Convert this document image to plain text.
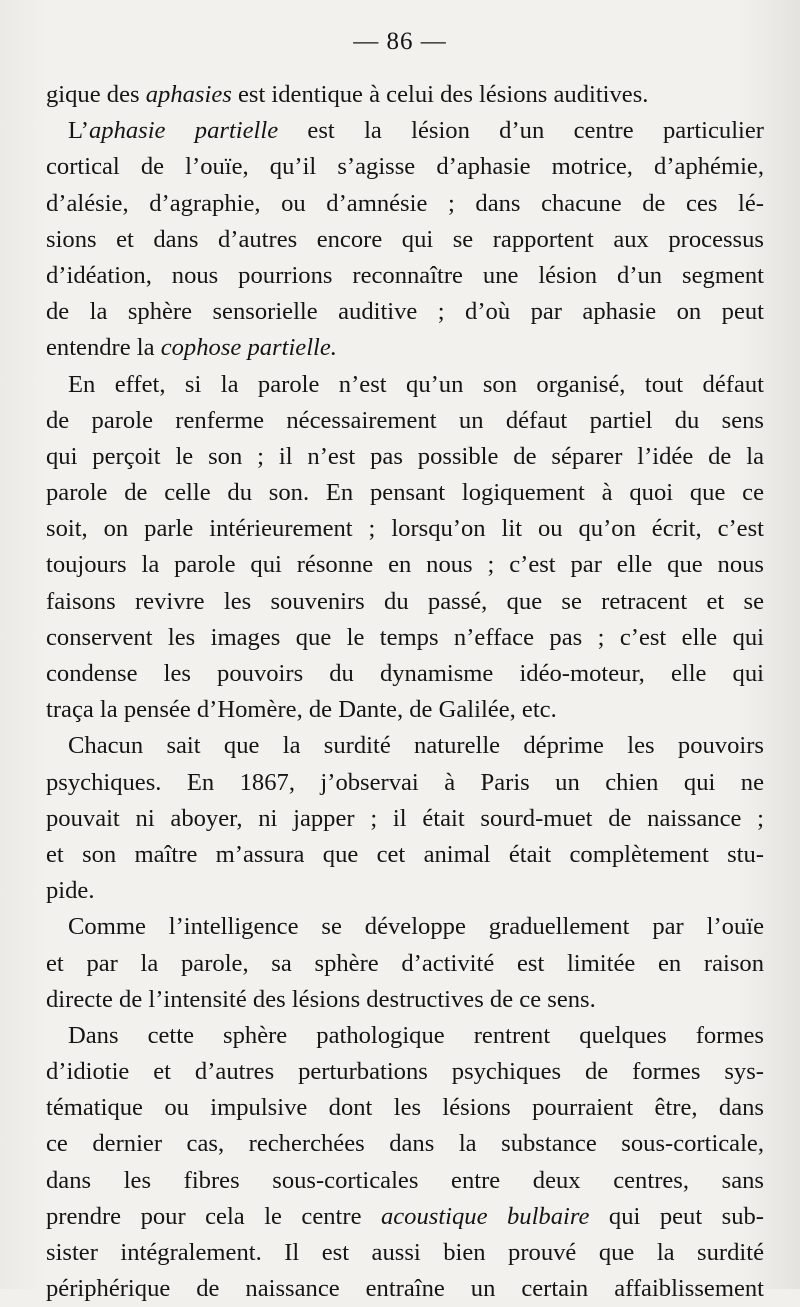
— 86 —
gique des aphasies est identique à celui des lésions auditives.
L’aphasie partielle est la lésion d’un centre particulier
cortical de l’ouïe, qu’il s’agisse d’aphasie motrice, d’aphémie,
d’alésie, d’agraphie, ou d’amnésie ; dans chacune de ces lé-
sions et dans d’autres encore qui se rapportent aux processus
d’idéation, nous pourrions reconnaître une lésion d’un segment
de la sphère sensorielle auditive ; d’où par aphasie on peut
entendre la cophose partielle.
En effet, si la parole n’est qu’un son organisé, tout défaut
de parole renferme nécessairement un défaut partiel du sens
qui perçoit le son ; il n’est pas possible de séparer l’idée de la
parole de celle du son. En pensant logiquement à quoi que ce
soit, on parle intérieurement ; lorsqu’on lit ou qu’on écrit, c’est
toujours la parole qui résonne en nous ; c’est par elle que nous
faisons revivre les souvenirs du passé, que se retracent et se
conservent les images que le temps n’efface pas ; c’est elle qui
condense les pouvoirs du dynamisme idéo-moteur, elle qui
traça la pensée d’Homère, de Dante, de Galilée, etc.
Chacun sait que la surdité naturelle déprime les pouvoirs
psychiques. En 1867, j’observai à Paris un chien qui ne
pouvait ni aboyer, ni japper ; il était sourd-muet de naissance ;
et son maître m’assura que cet animal était complètement stu-
pide.
Comme l’intelligence se développe graduellement par l’ouïe
et par la parole, sa sphère d’activité est limitée en raison
directe de l’intensité des lésions destructives de ce sens.
Dans cette sphère pathologique rentrent quelques formes
d’idiotie et d’autres perturbations psychiques de formes sys-
tématique ou impulsive dont les lésions pourraient être, dans
ce dernier cas, recherchées dans la substance sous-corticale,
dans les fibres sous-corticales entre deux centres, sans
prendre pour cela le centre acoustique bulbaire qui peut sub-
sister intégralement. Il est aussi bien prouvé que la surdité
périphérique de naissance entraîne un certain affaiblissement
